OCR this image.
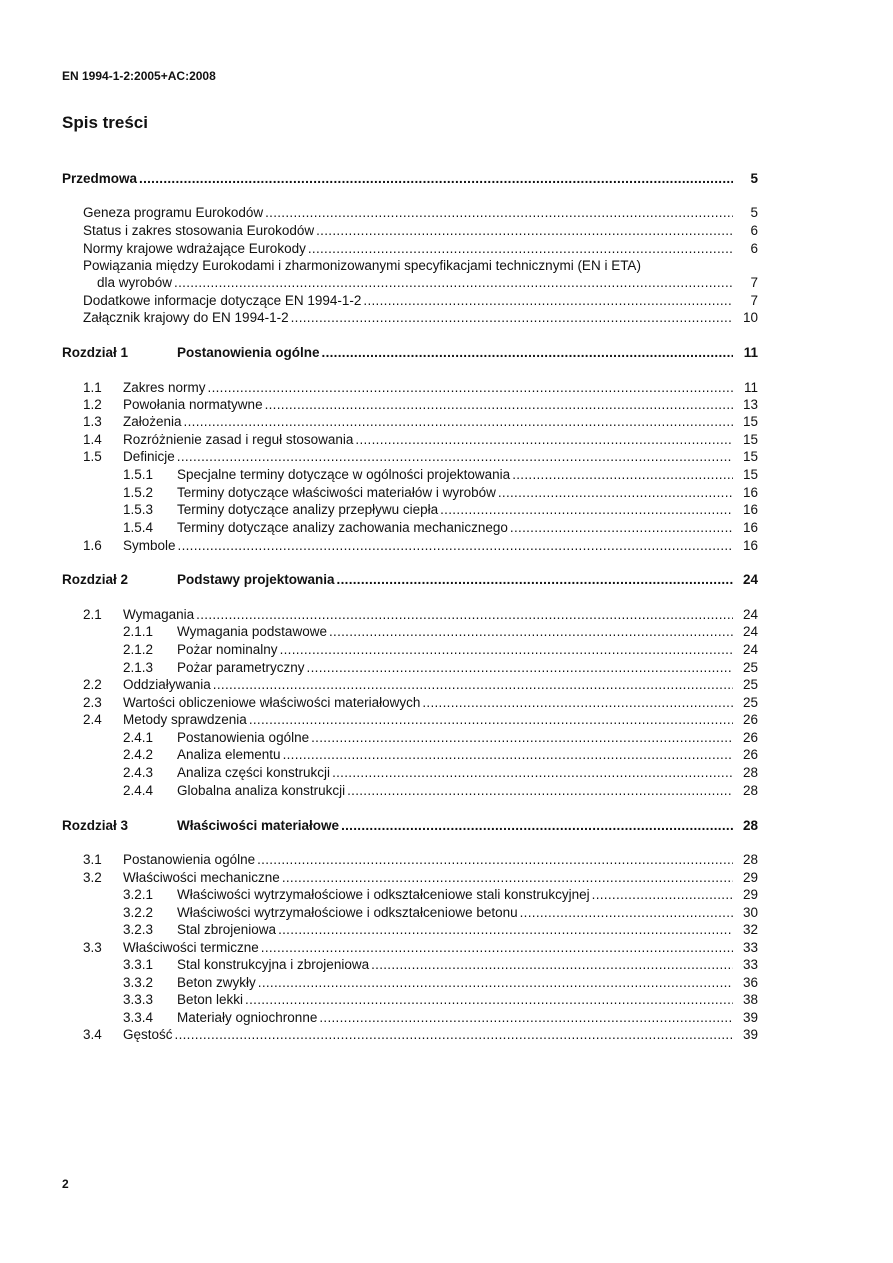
EN 1994-1-2:2005+AC:2008
Spis treści
Przedmowa .....	5
Geneza programu Eurokodów .....	5
Status i zakres stosowania Eurokodów .....	6
Normy krajowe wdrażające Eurokody .....	6
Powiązania między Eurokodami i zharmonizowanymi specyfikacjami technicznymi (EN i ETA)
dla wyrobów .....	7
Dodatkowe informacje dotyczące EN 1994-1-2 .....	7
Załącznik krajowy do EN 1994-1-2 .....	10
Rozdział 1	Postanowienia ogólne .....	11
1.1 Zakres normy .....	11
1.2 Powołania normatywne .....	13
1.3 Założenia .....	15
1.4 Rozróżnienie zasad i reguł stosowania .....	15
1.5 Definicje .....	15
1.5.1 Specjalne terminy dotyczące w ogólności projektowania .....	15
1.5.2 Terminy dotyczące właściwości materiałów i wyrobów .....	16
1.5.3 Terminy dotyczące analizy przepływu ciepła .....	16
1.5.4 Terminy dotyczące analizy zachowania mechanicznego .....	16
1.6 Symbole .....	16
Rozdział 2	Podstawy projektowania .....	24
2.1 Wymagania .....	24
2.1.1 Wymagania podstawowe .....	24
2.1.2 Pożar nominalny .....	24
2.1.3 Pożar parametryczny .....	25
2.2 Oddziaływania .....	25
2.3 Wartości obliczeniowe właściwości materiałowych .....	25
2.4 Metody sprawdzenia .....	26
2.4.1 Postanowienia ogólne .....	26
2.4.2 Analiza elementu .....	26
2.4.3 Analiza części konstrukcji .....	28
2.4.4 Globalna analiza konstrukcji .....	28
Rozdział 3	Właściwości materiałowe .....	28
3.1 Postanowienia ogólne .....	28
3.2 Właściwości mechaniczne .....	29
3.2.1 Właściwości wytrzymałościowe i odkształceniowe stali konstrukcyjnej .....	29
3.2.2 Właściwości wytrzymałościowe i odkształceniowe betonu .....	30
3.2.3 Stal zbrojeniowa .....	32
3.3 Właściwości termiczne .....	33
3.3.1 Stal konstrukcyjna i zbrojeniowa .....	33
3.3.2 Beton zwykły .....	36
3.3.3 Beton lekki .....	38
3.3.4 Materiały ogniochronne .....	39
3.4 Gęstość .....	39
2
